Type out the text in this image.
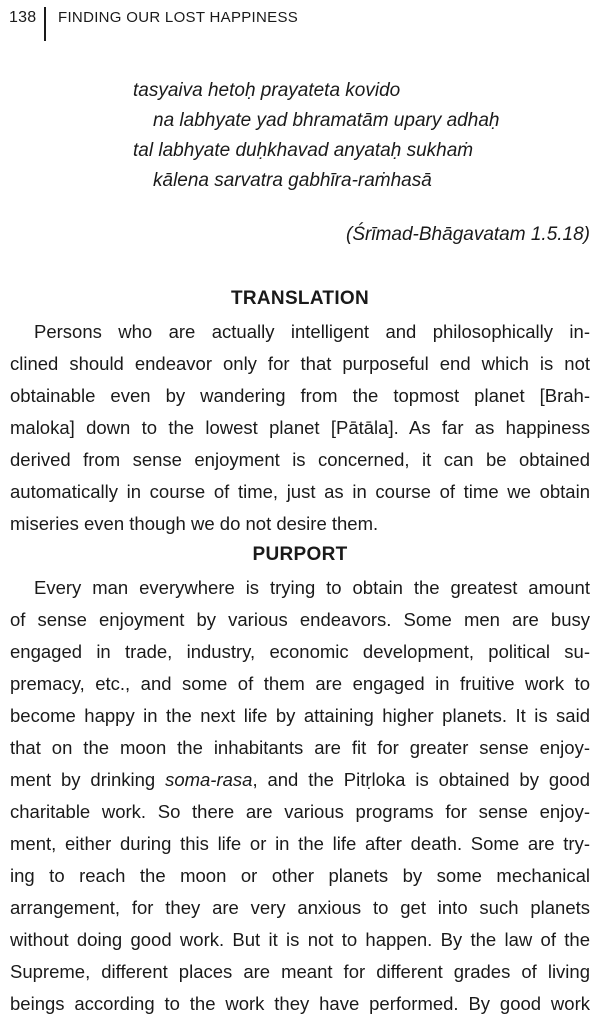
138 FINDING OUR LOST HAPPINESS
tasyaiva hetoḥ prayateta kovido
na labhyate yad bhramatām upary adhaḥ
tal labhyate duḥkhavad anyataḥ sukhaṁ
kālena sarvatra gabhīra-raṁhasā
(Śrīmad-Bhāgavatam 1.5.18)
TRANSLATION
Persons who are actually intelligent and philosophically in-
clined should endeavor only for that purposeful end which is not
obtainable even by wandering from the topmost planet [Brah-
maloka] down to the lowest planet [Pātāla]. As far as happiness
derived from sense enjoyment is concerned, it can be obtained
automatically in course of time, just as in course of time we obtain
miseries even though we do not desire them.
PURPORT
Every man everywhere is trying to obtain the greatest amount
of sense enjoyment by various endeavors. Some men are busy
engaged in trade, industry, economic development, political su-
premacy, etc., and some of them are engaged in fruitive work to
become happy in the next life by attaining higher planets. It is said
that on the moon the inhabitants are fit for greater sense enjoy-
ment by drinking soma-rasa, and the Pitṛloka is obtained by good
charitable work. So there are various programs for sense enjoy-
ment, either during this life or in the life after death. Some are try-
ing to reach the moon or other planets by some mechanical
arrangement, for they are very anxious to get into such planets
without doing good work. But it is not to happen. By the law of the
Supreme, different places are meant for different grades of living
beings according to the work they have performed. By good work
